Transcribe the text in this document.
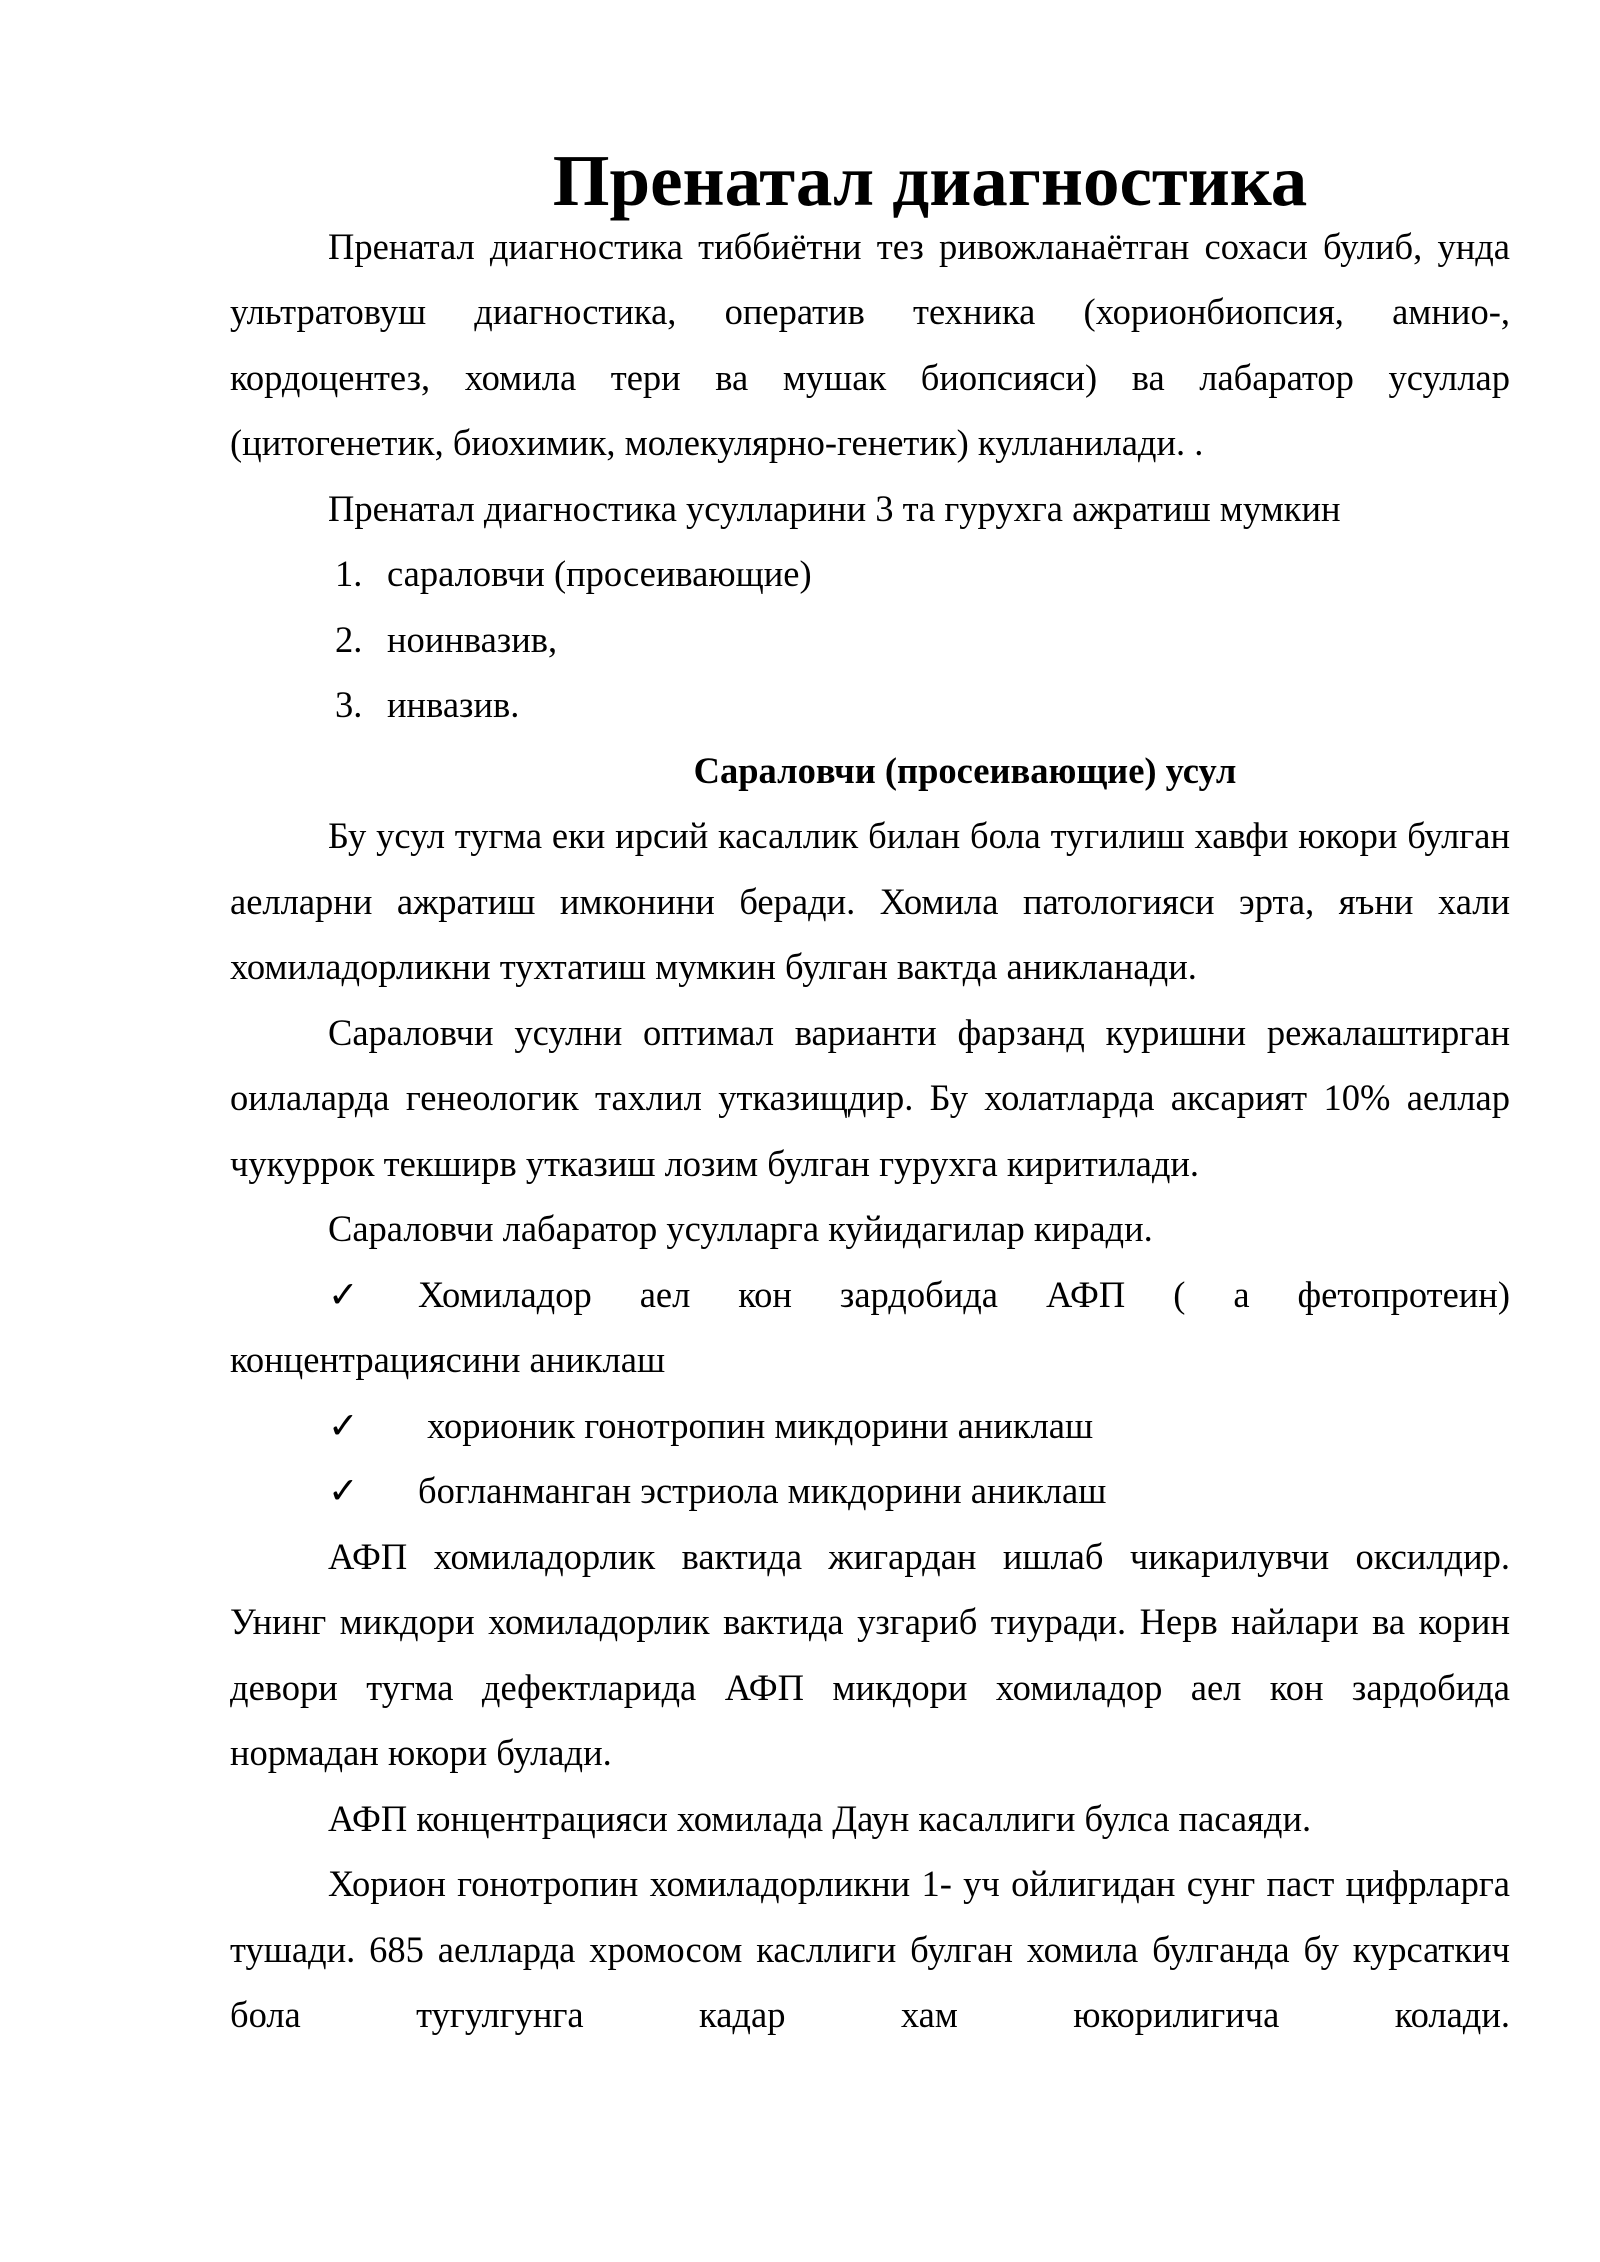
Пренатал диагностика

Пренатал диагностика тиббиётни тез ривожланаётган сохаси булиб, унда ультратовуш диагностика, оператив техника (хорионбиопсия, амнио-, кордоцентез, хомила тери ва мушак биопсияси) ва лабаратор усуллар (цитогенетик, биохимик, молекулярно-генетик) кулланилади. .

Пренатал диагностика усулларини 3 та гурухга ажратиш мумкин

1. саралoвчи (просеивающие)
2. ноинвазив,
3. инвазив.
Саралoвчи (просеивающие) усул

Бу усул тугма еки ирсий касаллик билан бола тугилиш хавфи юкори булган аелларни ажратиш имконини беради. Хомила патологияси эрта, яъни хали хомиладорликни тухтатиш мумкин булган вактда аникланади.

Саралoвчи усулни оптимал варианти фарзанд куришни режалаштирган оилаларда генеологик тахлил утказищдир. Бу холатларда аксарият 10% аеллар чукуррок текширв утказиш лозим булган гурухга киритилади.

Саралoвчи лабаратор усулларга куйидагилар киради.

✓ Хомиладор аел кон зардобида АФП ( а фетопротеин) концентрациясини аниклаш

✓ хорионик гонотропин микдорини аниклаш

✓ богланманган эстриола микдорини аниклаш

АФП хомиладорлик вактида жигардан ишлаб чикарилувчи оксилдир. Унинг микдори хомиладорлик вактида узгариб тиуради. Нерв найлари ва корин девори тугма дефектларида АФП микдори хомиладор аел кон зардобида нормадан юкори булади.

АФП концентрацияси хомилада Даун касаллиги булса пасаяди.

Хорион гонотропин хомиладорликни 1- уч ойлигидан сунг паст цифрларга тушади. 685 аелларда хромосом касллиги булган хомила булганда бу курсаткич бола тугулгунга кадар хам юкорилигича колади.
